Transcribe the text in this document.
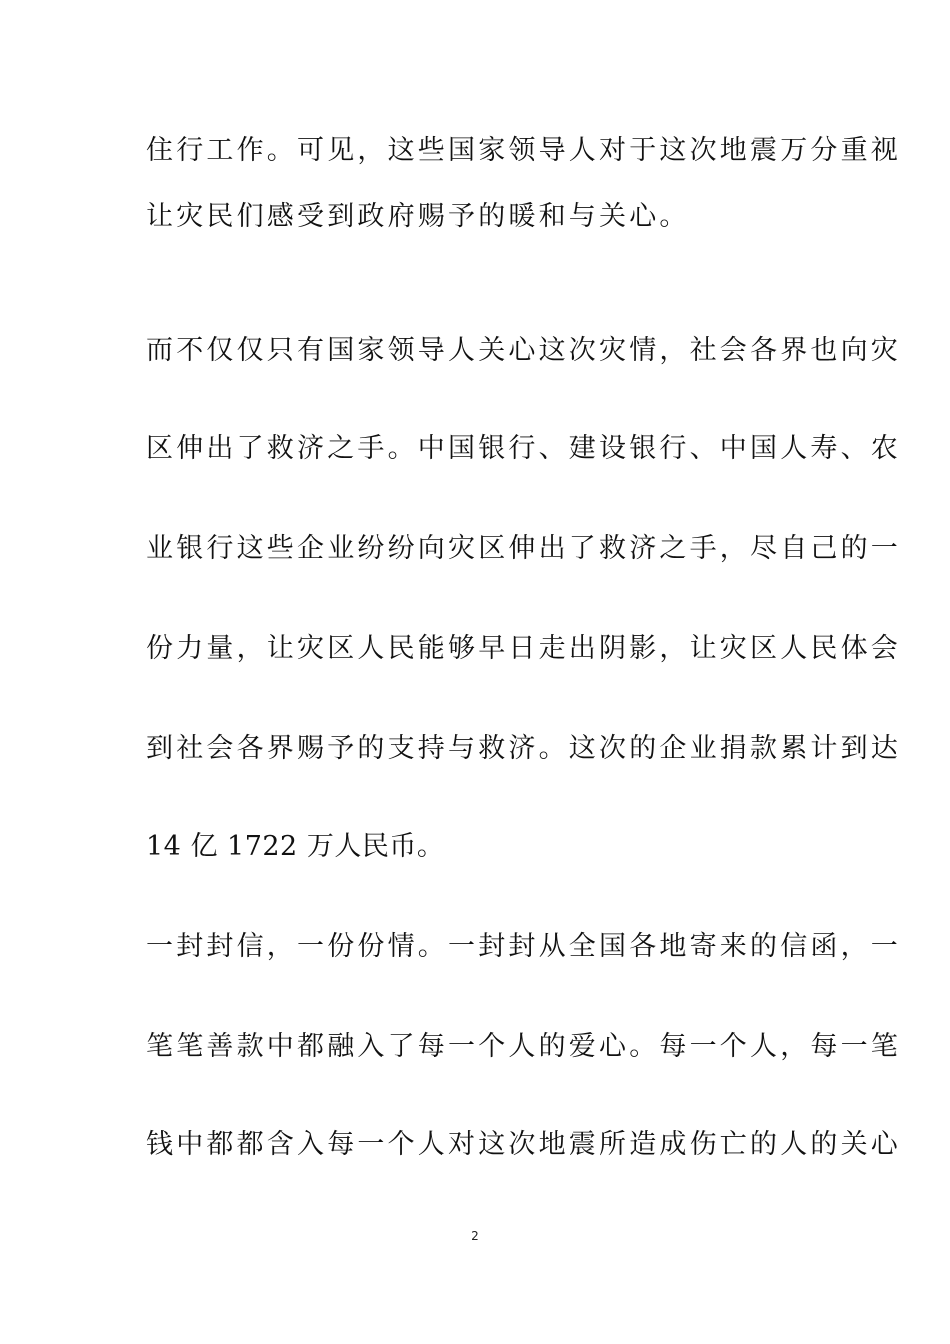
住行工作。可见，这些国家领导人对于这次地震万分重视
让灾民们感受到政府赐予的暖和与关心。
而不仅仅只有国家领导人关心这次灾情，社会各界也向灾
区伸出了救济之手。中国银行、建设银行、中国人寿、农
业银行这些企业纷纷向灾区伸出了救济之手，尽自己的一
份力量，让灾区人民能够早日走出阴影，让灾区人民体会
到社会各界赐予的支持与救济。这次的企业捐款累计到达
14 亿 1722 万人民币。
一封封信，一份份情。一封封从全国各地寄来的信函，一
笔笔善款中都融入了每一个人的爱心。每一个人，每一笔
钱中都都含入每一个人对这次地震所造成伤亡的人的关心
2
